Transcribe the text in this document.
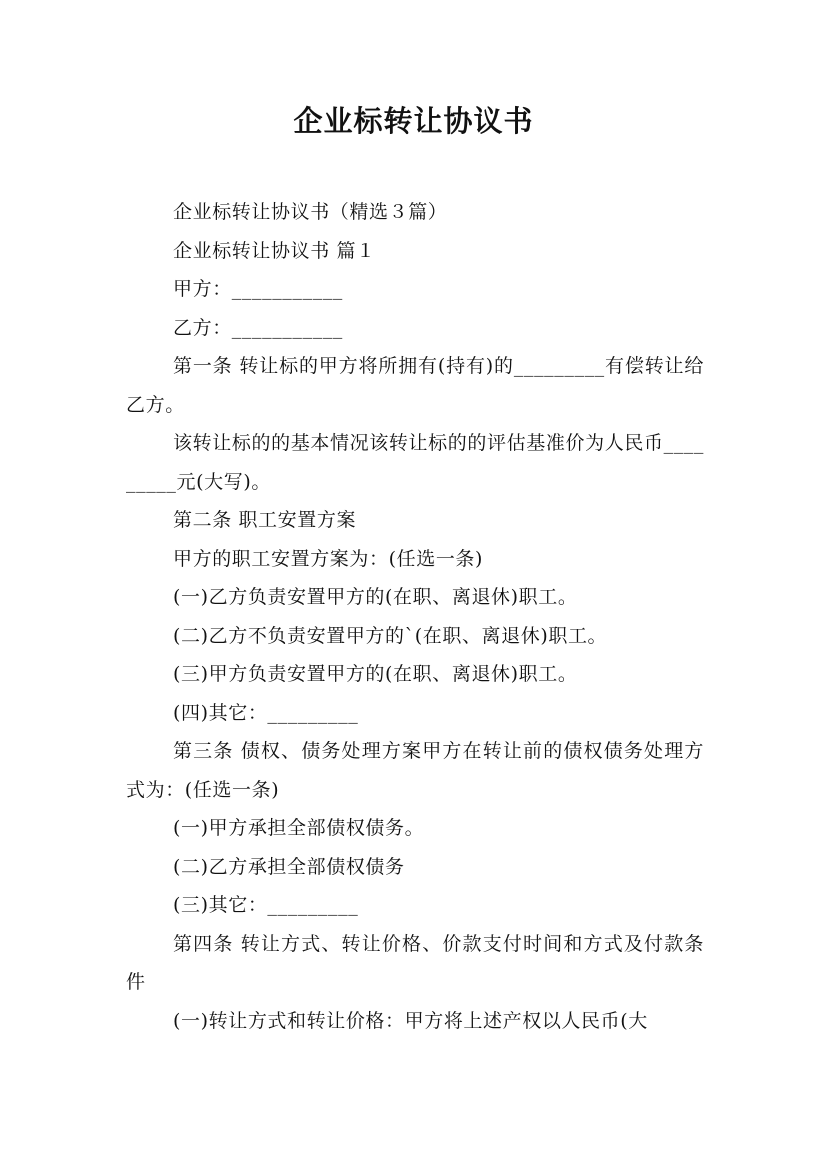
企业标转让协议书

企业标转让协议书（精选３篇）

企业标转让协议书 篇１

甲方：___________

乙方：___________

第一条 转让标的甲方将所拥有(持有)的_________有偿转让给乙方。

该转让标的的基本情况该转让标的的评估基准价为人民币_________元(大写)。

第二条 职工安置方案

甲方的职工安置方案为：(任选一条)

(一)乙方负责安置甲方的(在职、离退休)职工。

(二)乙方不负责安置甲方的`(在职、离退休)职工。

(三)甲方负责安置甲方的(在职、离退休)职工。

(四)其它：_________

第三条 债权、债务处理方案甲方在转让前的债权债务处理方式为：(任选一条)

(一)甲方承担全部债权债务。

(二)乙方承担全部债权债务

(三)其它：_________

第四条 转让方式、转让价格、价款支付时间和方式及付款条件

(一)转让方式和转让价格：甲方将上述产权以人民币(大
